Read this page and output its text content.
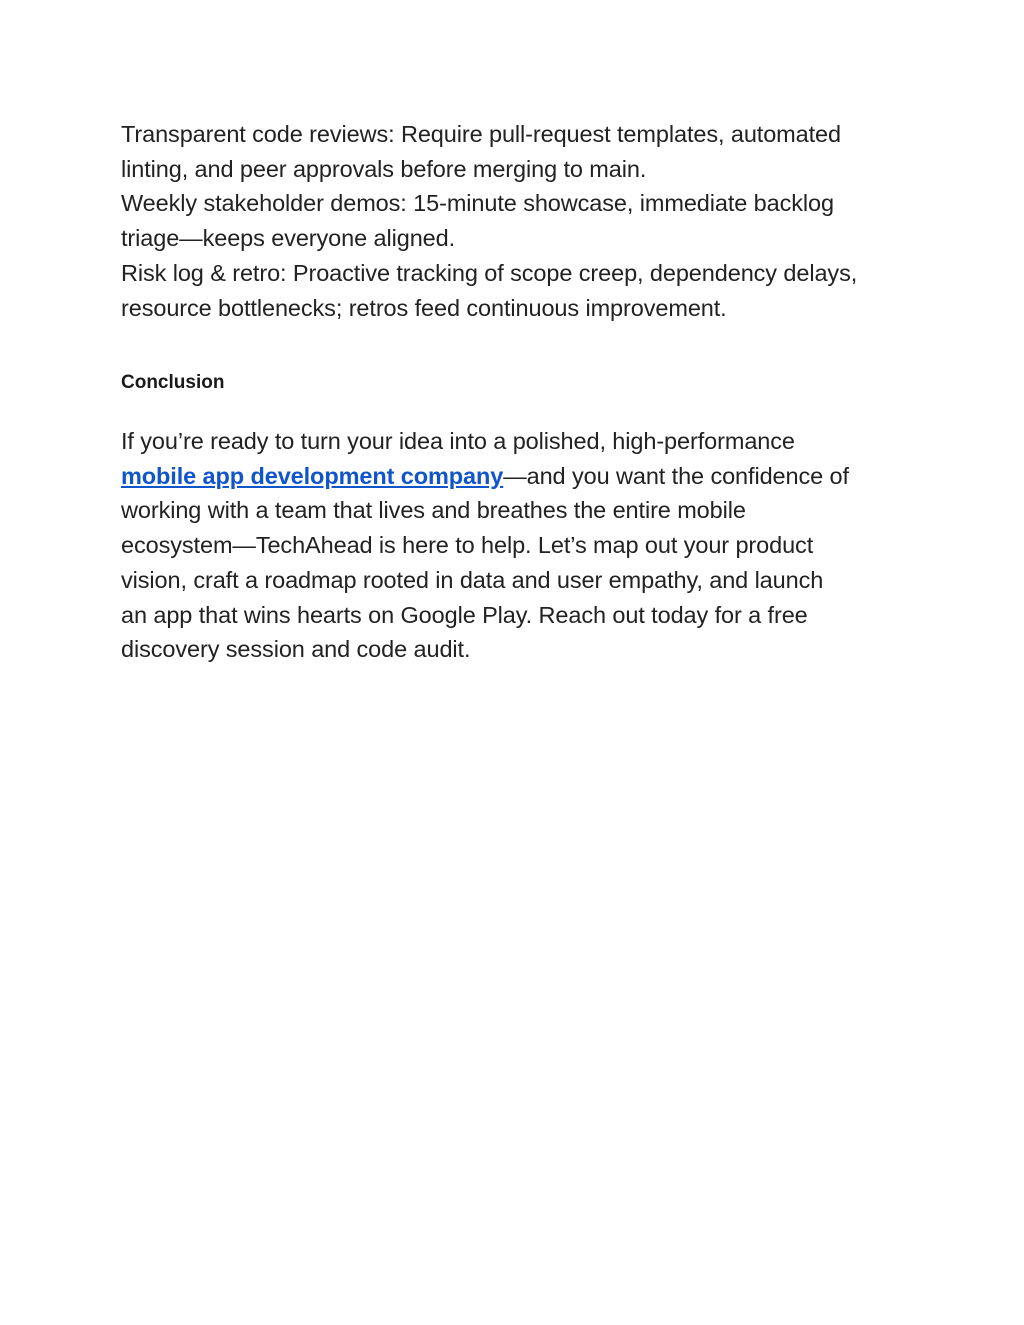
Transparent code reviews: Require pull-request templates, automated
linting, and peer approvals before merging to main.
Weekly stakeholder demos: 15-minute showcase, immediate backlog
triage—keeps everyone aligned.
Risk log & retro: Proactive tracking of scope creep, dependency delays,
resource bottlenecks; retros feed continuous improvement.
Conclusion
If you’re ready to turn your idea into a polished, high-performance
mobile app development company—and you want the confidence of
working with a team that lives and breathes the entire mobile
ecosystem—TechAhead is here to help. Let’s map out your product
vision, craft a roadmap rooted in data and user empathy, and launch
an app that wins hearts on Google Play. Reach out today for a free
discovery session and code audit.
